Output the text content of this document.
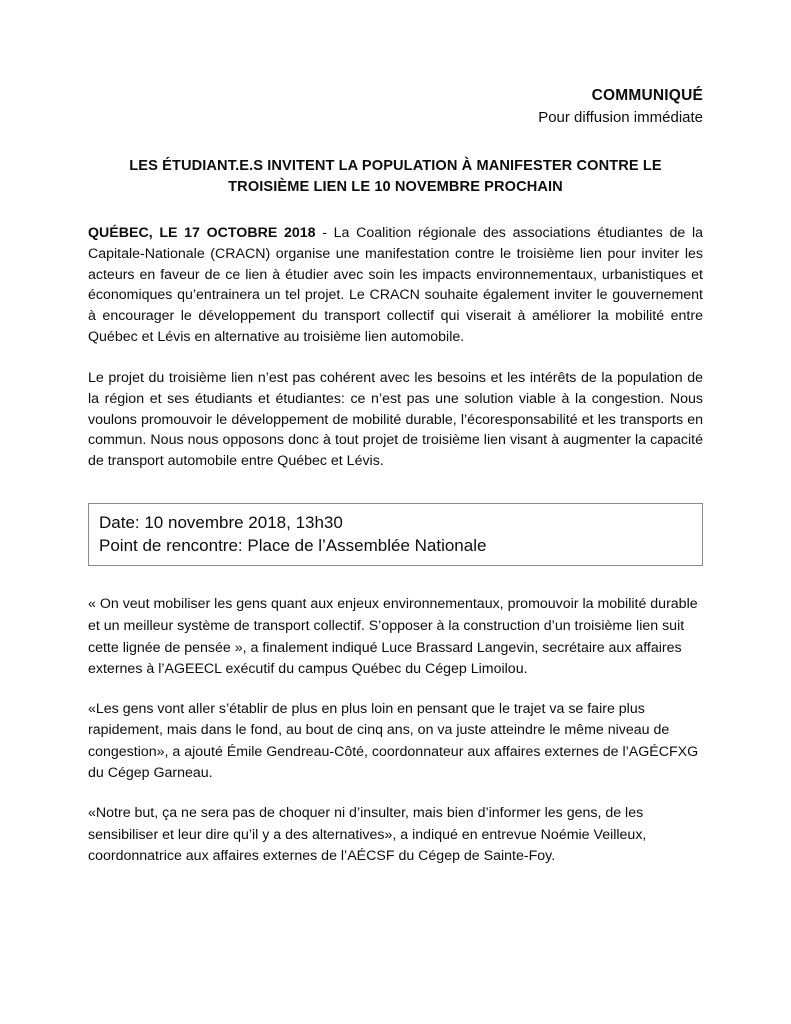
COMMUNIQUÉ
Pour diffusion immédiate
LES ÉTUDIANT.E.S INVITENT LA POPULATION À MANIFESTER CONTRE LE TROISIÈME LIEN LE 10 NOVEMBRE PROCHAIN

QUÉBEC, LE 17 OCTOBRE 2018 - La Coalition régionale des associations étudiantes de la Capitale-Nationale (CRACN) organise une manifestation contre le troisième lien pour inviter les acteurs en faveur de ce lien à étudier avec soin les impacts environnementaux, urbanistiques et économiques qu’entrainera un tel projet. Le CRACN souhaite également inviter le gouvernement à encourager le développement du transport collectif qui viserait à améliorer la mobilité entre Québec et Lévis en alternative au troisième lien automobile.

Le projet du troisième lien n’est pas cohérent avec les besoins et les intérêts de la population de la région et ses étudiants et étudiantes: ce n’est pas une solution viable à la congestion. Nous voulons promouvoir le développement de mobilité durable, l’écoresponsabilité et les transports en commun. Nous nous opposons donc à tout projet de troisième lien visant à augmenter la capacité de transport automobile entre Québec et Lévis.

Date: 10 novembre 2018, 13h30
Point de rencontre: Place de l’Assemblée Nationale

« On veut mobiliser les gens quant aux enjeux environnementaux, promouvoir la mobilité durable et un meilleur système de transport collectif. S’opposer à la construction d’un troisième lien suit cette lignée de pensée », a finalement indiqué Luce Brassard Langevin, secrétaire aux affaires externes à l’AGEECL exécutif du campus Québec du Cégep Limoilou.

«Les gens vont aller s’établir de plus en plus loin en pensant que le trajet va se faire plus rapidement, mais dans le fond, au bout de cinq ans, on va juste atteindre le même niveau de congestion», a ajouté Émile Gendreau-Côté, coordonnateur aux affaires externes de l’AGÉCFXG du Cégep Garneau.

«Notre but, ça ne sera pas de choquer ni d’insulter, mais bien d’informer les gens, de les sensibiliser et leur dire qu’il y a des alternatives», a indiqué en entrevue Noémie Veilleux, coordonnatrice aux affaires externes de l’AÉCSF du Cégep de Sainte-Foy.
